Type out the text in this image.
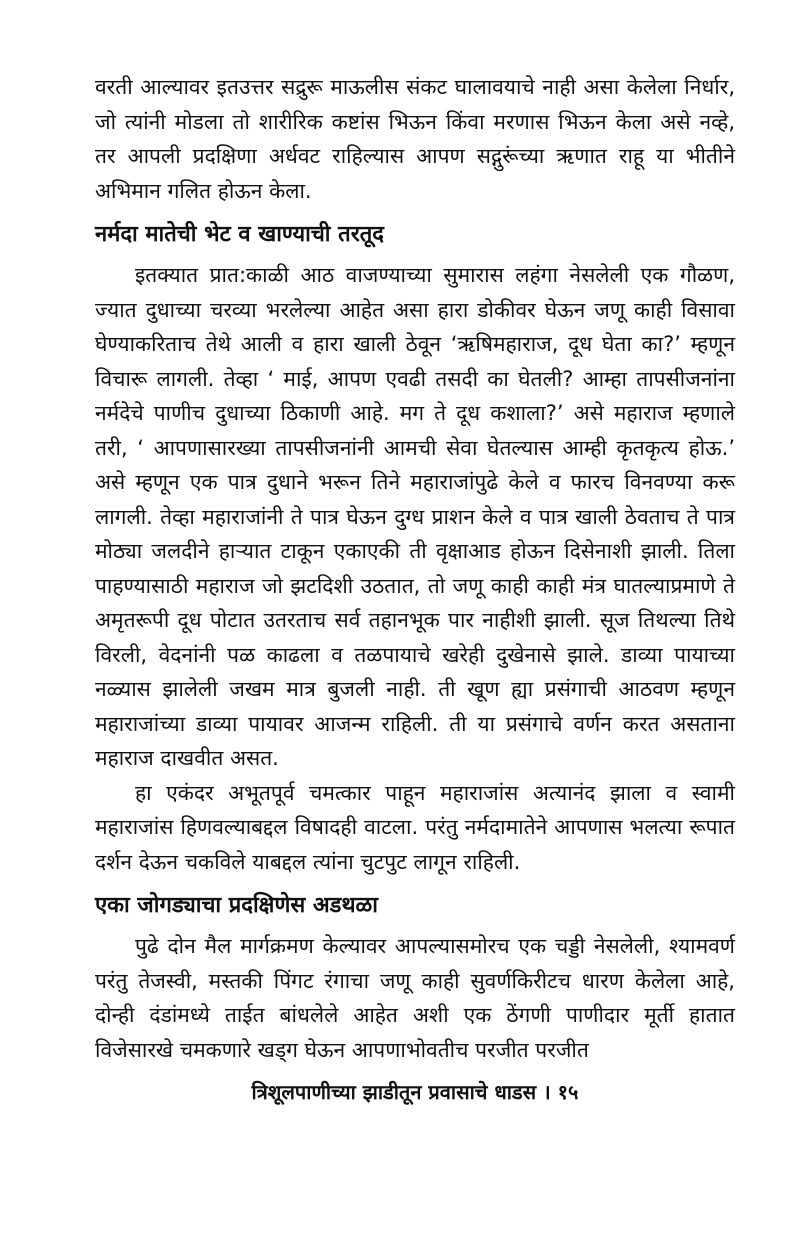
वरती आल्यावर इतउत्तर सद्रुरू माऊलीस संकट घालावयाचे नाही असा केलेला निर्धार, जो त्यांनी मोडला तो शारीरिक कष्टांस भिऊन किंवा मरणास भिऊन केला असे नव्हे, तर आपली प्रदक्षिणा अर्धवट राहिल्यास आपण सद्गुरूंच्या ऋणात राहू या भीतीने अभिमान गलित होऊन केला.

नर्मदा मातेची भेट व खाण्याची तरतूद

इतक्यात प्रात:काळी आठ वाजण्याच्या सुमारास लहंगा नेसलेली एक गौळण, ज्यात दुधाच्या चरव्या भरलेल्या आहेत असा हारा डोकीवर घेऊन जणू काही विसावा घेण्याकरिताच तेथे आली व हारा खाली ठेवून ‘ऋषिमहाराज, दूध घेता का?’ म्हणून विचारू लागली. तेव्हा ‘ माई, आपण एवढी तसदी का घेतली? आम्हा तापसीजनांना नर्मदेचे पाणीच दुधाच्या ठिकाणी आहे. मग ते दूध कशाला?’ असे महाराज म्हणाले तरी, ‘ आपणासारख्या तापसीजनांनी आमची सेवा घेतल्यास आम्ही कृतकृत्य होऊ.’ असे म्हणून एक पात्र दुधाने भरून तिने महाराजांपुढे केले व फारच विनवण्या करू लागली. तेव्हा महाराजांनी ते पात्र घेऊन दुग्ध प्राशन केले व पात्र खाली ठेवताच ते पात्र मोठ्या जलदीने हाऱ्यात टाकून एकाएकी ती वृक्षाआड होऊन दिसेनाशी झाली. तिला पाहण्यासाठी महाराज जो झटदिशी उठतात, तो जणू काही काही मंत्र घातल्याप्रमाणे ते अमृतरूपी दूध पोटात उतरताच सर्व तहानभूक पार नाहीशी झाली. सूज तिथल्या तिथे विरली, वेदनांनी पळ काढला व तळपायाचे खरेही दुखेनासे झाले. डाव्या पायाच्या नळ्यास झालेली जखम मात्र बुजली नाही. ती खूण ह्या प्रसंगाची आठवण म्हणून महाराजांच्या डाव्या पायावर आजन्म राहिली. ती या प्रसंगाचे वर्णन करत असताना महाराज दाखवीत असत.

हा एकंदर अभूतपूर्व चमत्कार पाहून महाराजांस अत्यानंद झाला व स्वामी महाराजांस हिणवल्याबद्दल विषादही वाटला. परंतु नर्मदामातेने आपणास भलत्या रूपात दर्शन देऊन चकविले याबद्दल त्यांना चुटपुट लागून राहिली.

एका जोगड्याचा प्रदक्षिणेस अडथळा

पुढे दोन मैल मार्गक्रमण केल्यावर आपल्यासमोरच एक चड्डी नेसलेली, श्यामवर्ण परंतु तेजस्वी, मस्तकी पिंगट रंगाचा जणू काही सुवर्णकिरीटच धारण केलेला आहे, दोन्ही दंडांमध्ये ताईत बांधलेले आहेत अशी एक ठेंगणी पाणीदार मूर्ती हातात विजेसारखे चमकणारे खड्ग घेऊन आपणाभोवतीच परजीत परजीत

त्रिशूलपाणीच्या झाडीतून प्रवासाचे धाडस । १५
